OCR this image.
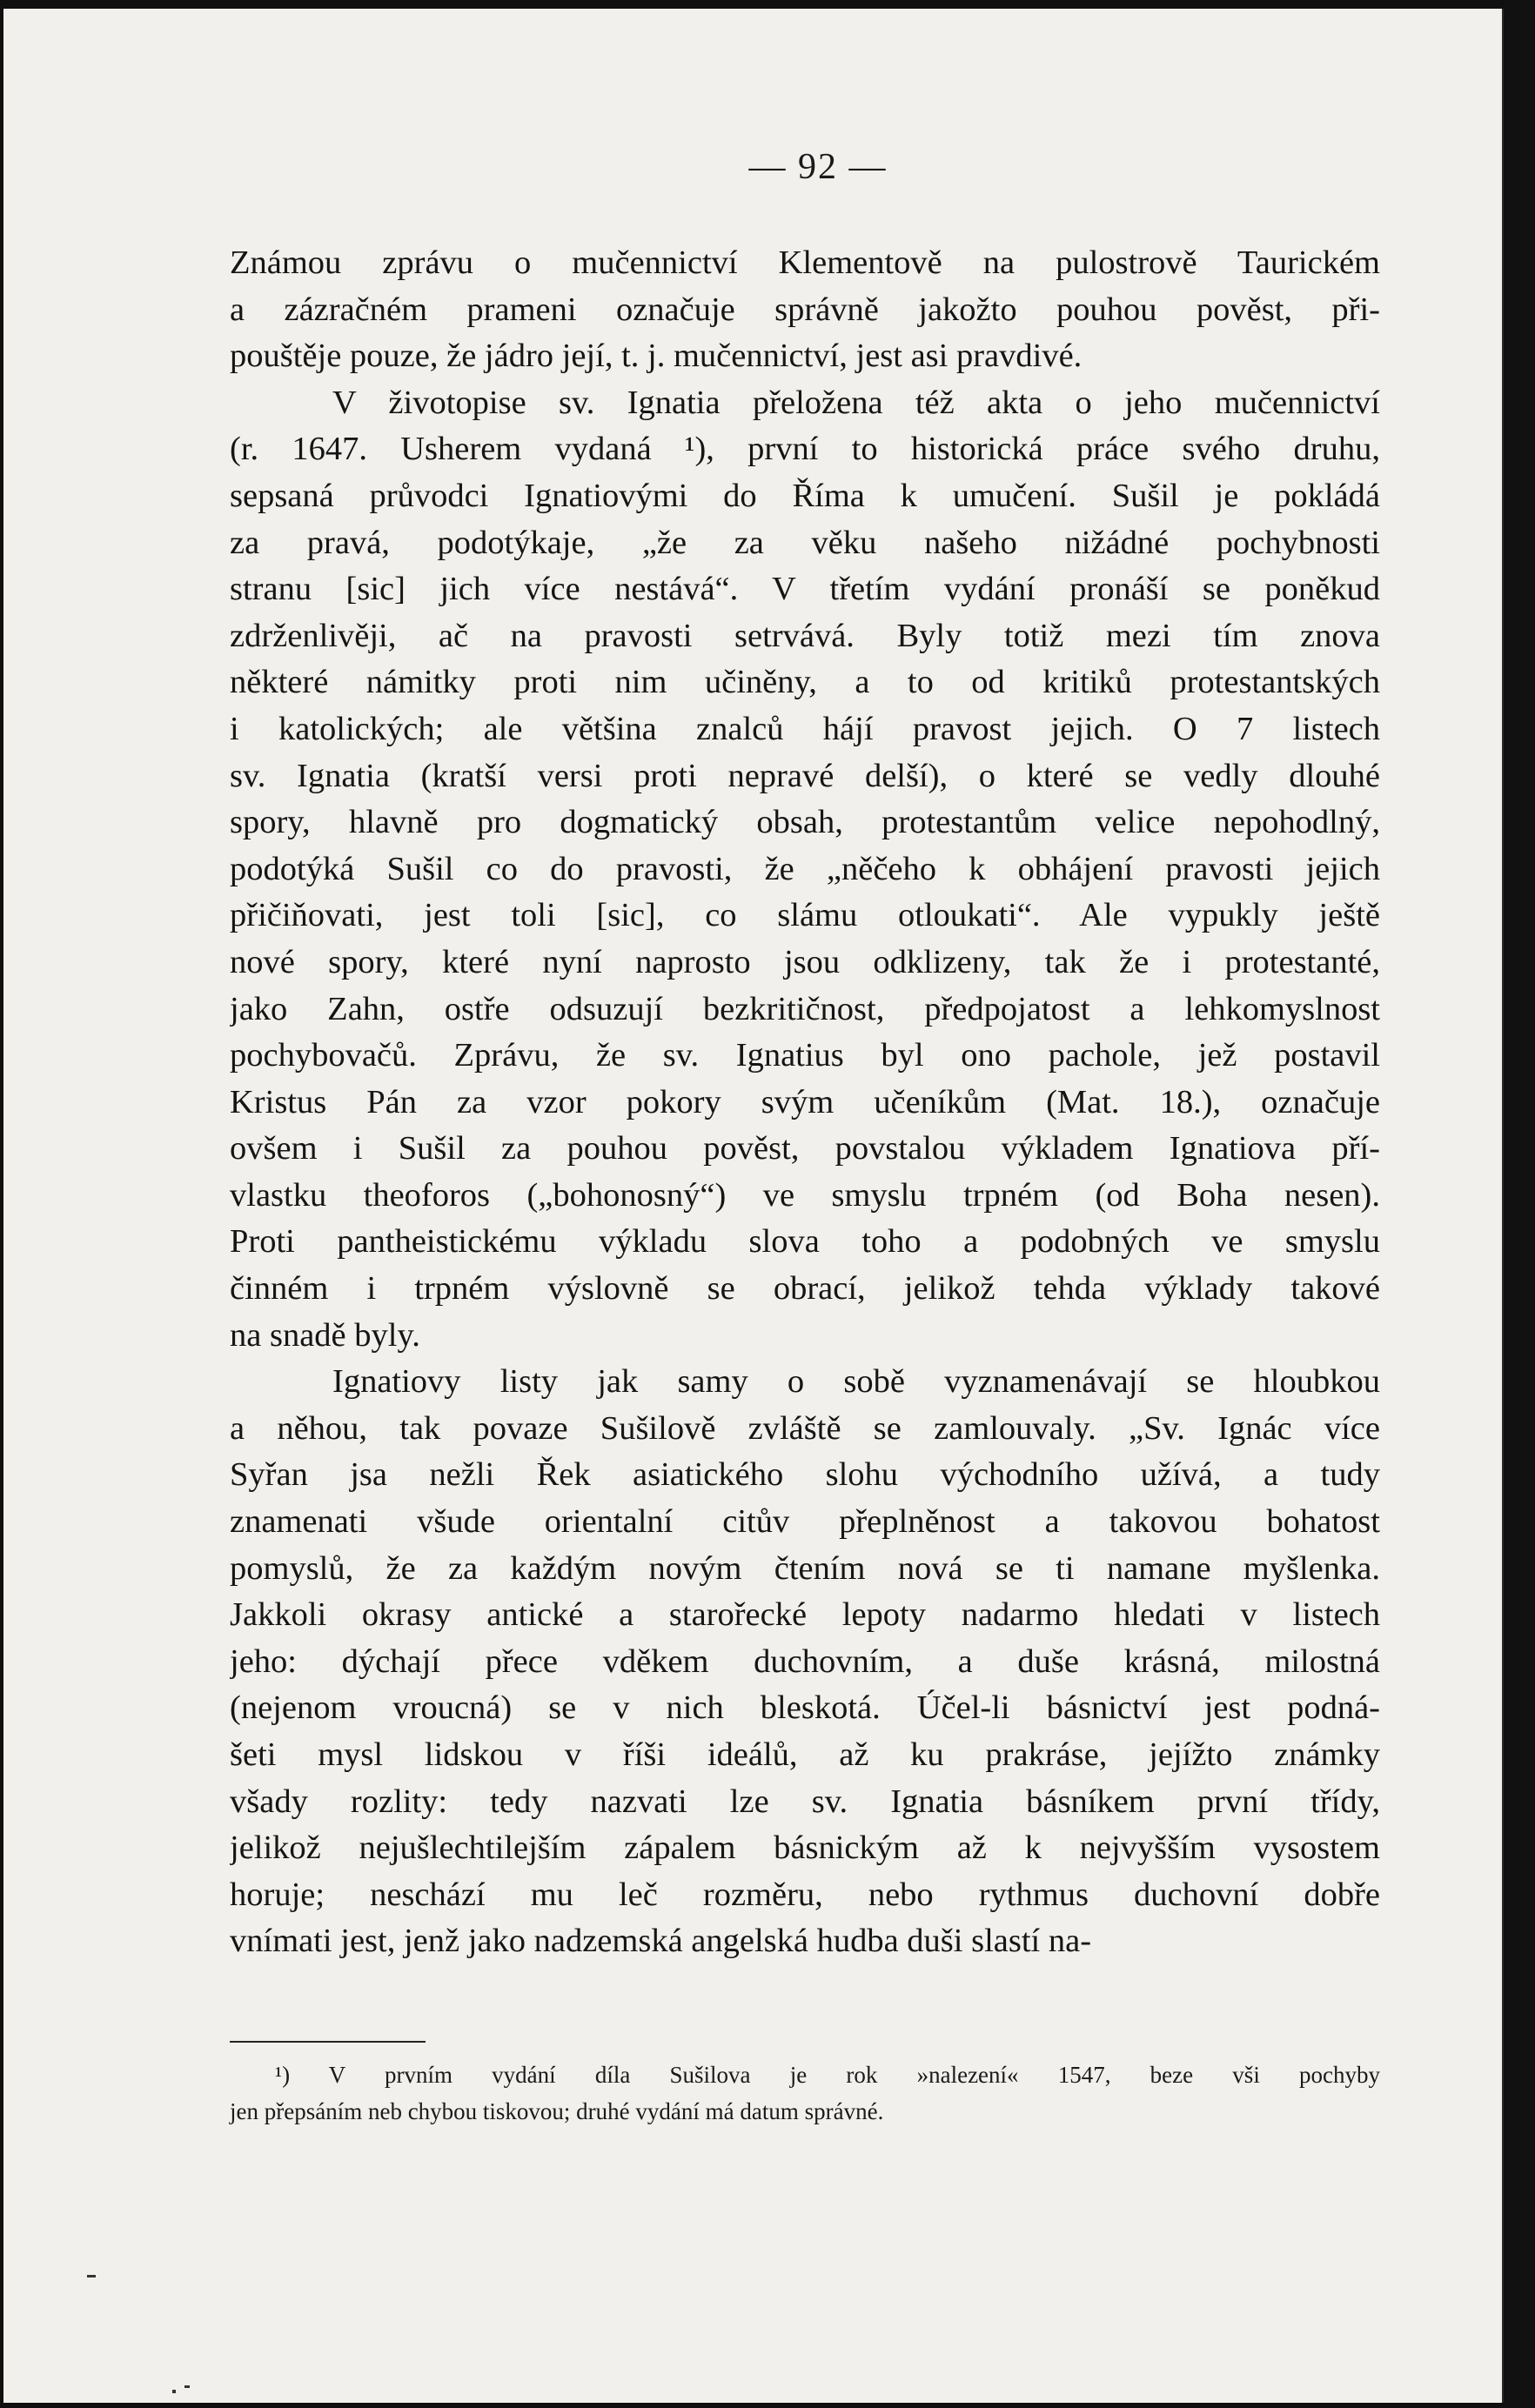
— 92 —
Známou zprávu o mučennictví Klementově na pulostrově Taurickém
a zázračném prameni označuje správně jakožto pouhou pověst, při-
pouštěje pouze, že jádro její, t. j. mučennictví, jest asi pravdivé.
V životopise sv. Ignatia přeložena též akta o jeho mučennictví
(r. 1647. Usherem vydaná ¹), první to historická práce svého druhu,
sepsaná průvodci Ignatiovými do Říma k umučení. Sušil je pokládá
za pravá, podotýkaje, „že za věku našeho nižádné pochybnosti
stranu [sic] jich více nestává“. V třetím vydání pronáší se poněkud
zdrženlivěji, ač na pravosti setrvává. Byly totiž mezi tím znova
některé námitky proti nim učiněny, a to od kritiků protestantských
i katolických; ale většina znalců hájí pravost jejich. O 7 listech
sv. Ignatia (kratší versi proti nepravé delší), o které se vedly dlouhé
spory, hlavně pro dogmatický obsah, protestantům velice nepohodlný,
podotýká Sušil co do pravosti, že „něčeho k obhájení pravosti jejich
přičiňovati, jest toli [sic], co slámu otloukati“. Ale vypukly ještě
nové spory, které nyní naprosto jsou odklizeny, tak že i protestanté,
jako Zahn, ostře odsuzují bezkritičnost, předpojatost a lehkomyslnost
pochybovačů. Zprávu, že sv. Ignatius byl ono pachole, jež postavil
Kristus Pán za vzor pokory svým učeníkům (Mat. 18.), označuje
ovšem i Sušil za pouhou pověst, povstalou výkladem Ignatiova pří-
vlastku theoforos („bohonosný“) ve smyslu trpném (od Boha nesen).
Proti pantheistickému výkladu slova toho a podobných ve smyslu
činném i trpném výslovně se obrací, jelikož tehda výklady takové
na snadě byly.
Ignatiovy listy jak samy o sobě vyznamenávají se hloubkou
a něhou, tak povaze Sušilově zvláště se zamlouvaly. „Sv. Ignác více
Syřan jsa nežli Řek asiatického slohu východního užívá, a tudy
znamenati všude orientalní citův přeplněnost a takovou bohatost
pomyslů, že za každým novým čtením nová se ti namane myšlenka.
Jakkoli okrasy antické a starořecké lepoty nadarmo hledati v listech
jeho: dýchají přece vděkem duchovním, a duše krásná, milostná
(nejenom vroucná) se v nich bleskotá. Účel-li básnictví jest podná-
šeti mysl lidskou v říši ideálů, až ku prakráse, jejížto známky
všady rozlity: tedy nazvati lze sv. Ignatia básníkem první třídy,
jelikož nejušlechtilejším zápalem básnickým až k nejvyšším vysostem
horuje; neschází mu leč rozměru, nebo rythmus duchovní dobře
vnímati jest, jenž jako nadzemská angelská hudba duši slastí na-
¹) V prvním vydání díla Sušilova je rok »nalezení« 1547, beze vši pochyby
jen přepsáním neb chybou tiskovou; druhé vydání má datum správné.
